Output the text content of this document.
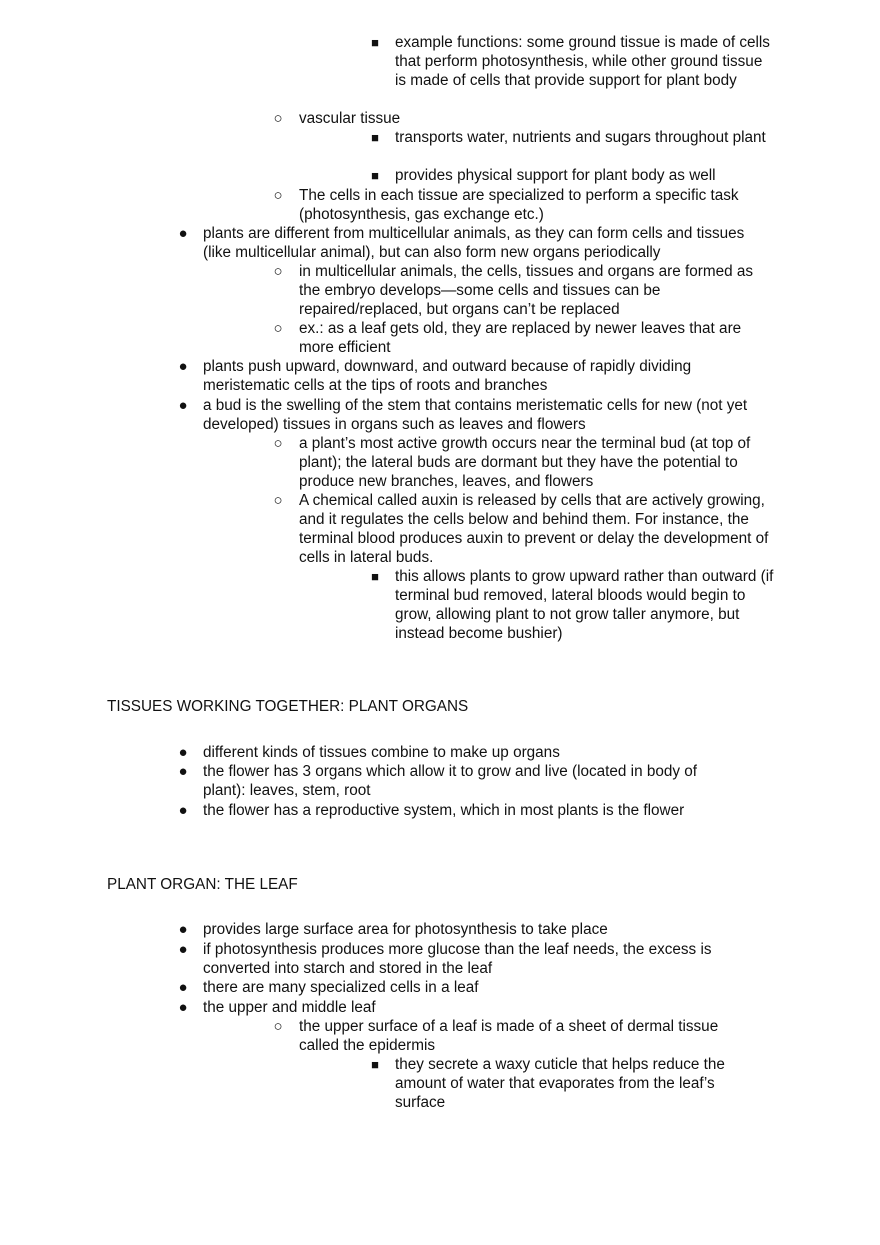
■ example functions: some ground tissue is made of cells that perform photosynthesis, while other ground tissue is made of cells that provide support for plant body
○ vascular tissue
■ transports water, nutrients and sugars throughout plant
■ provides physical support for plant body as well
○ The cells in each tissue are specialized to perform a specific task (photosynthesis, gas exchange etc.)
● plants are different from multicellular animals, as they can form cells and tissues (like multicellular animal), but can also form new organs periodically
○ in multicellular animals, the cells, tissues and organs are formed as the embryo develops—some cells and tissues can be repaired/replaced, but organs can’t be replaced
○ ex.: as a leaf gets old, they are replaced by newer leaves that are more efficient
● plants push upward, downward, and outward because of rapidly dividing meristematic cells at the tips of roots and branches
● a bud is the swelling of the stem that contains meristematic cells for new (not yet developed) tissues in organs such as leaves and flowers
○ a plant’s most active growth occurs near the terminal bud (at top of plant); the lateral buds are dormant but they have the potential to produce new branches, leaves, and flowers
○ A chemical called auxin is released by cells that are actively growing, and it regulates the cells below and behind them. For instance, the terminal blood produces auxin to prevent or delay the development of cells in lateral buds.
■ this allows plants to grow upward rather than outward (if terminal bud removed, lateral bloods would begin to grow, allowing plant to not grow taller anymore, but instead become bushier)
TISSUES WORKING TOGETHER: PLANT ORGANS
● different kinds of tissues combine to make up organs
● the flower has 3 organs which allow it to grow and live (located in body of plant): leaves, stem, root
● the flower has a reproductive system, which in most plants is the flower
PLANT ORGAN: THE LEAF
● provides large surface area for photosynthesis to take place
● if photosynthesis produces more glucose than the leaf needs, the excess is converted into starch and stored in the leaf
● there are many specialized cells in a leaf
● the upper and middle leaf
○ the upper surface of a leaf is made of a sheet of dermal tissue called the epidermis
■ they secrete a waxy cuticle that helps reduce the amount of water that evaporates from the leaf’s surface
